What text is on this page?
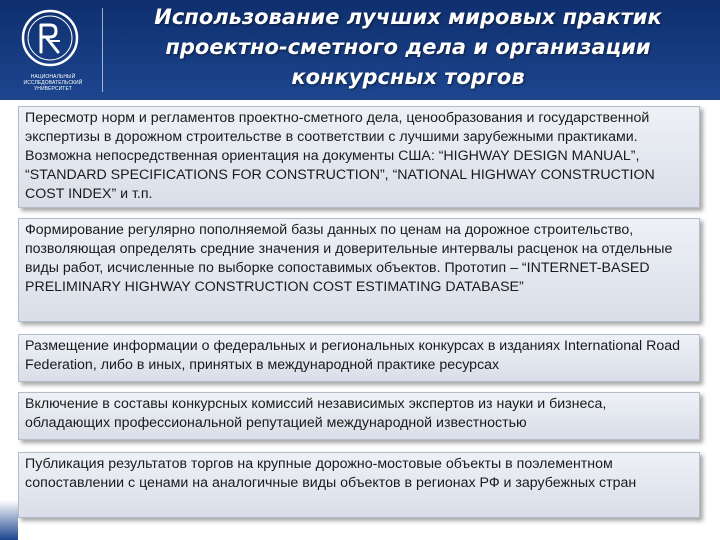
НАЦИОНАЛЬНЫЙ ИССЛЕДОВАТЕЛЬСКИЙ УНИВЕРСИТЕТ
Использование лучших мировых практик проектно-сметного дела и организации конкурсных торгов
Пересмотр норм и регламентов проектно-сметного дела, ценообразования и государственной экспертизы в дорожном строительстве в соответствии с лучшими зарубежными практиками. Возможна непосредственная ориентация на документы США: “HIGHWAY DESIGN MANUAL”, “STANDARD SPECIFICATIONS FOR CONSTRUCTION”, “NATIONAL HIGHWAY CONSTRUCTION COST INDEX” и т.п.
Формирование регулярно пополняемой базы данных по ценам на дорожное строительство, позволяющая определять средние значения и доверительные интервалы расценок на отдельные виды работ, исчисленные по выборке сопоставимых объектов. Прототип – “INTERNET-BASED PRELIMINARY HIGHWAY CONSTRUCTION COST ESTIMATING DATABASE”
Размещение информации о федеральных и региональных конкурсах в изданиях International Road Federation, либо в иных, принятых в международной практике ресурсах
Включение в составы конкурсных комиссий независимых экспертов из науки и бизнеса, обладающих профессиональной репутацией международной известностью
Публикация результатов торгов на крупные дорожно-мостовые объекты в поэлементном сопоставлении с ценами на аналогичные виды объектов в регионах РФ и зарубежных стран
